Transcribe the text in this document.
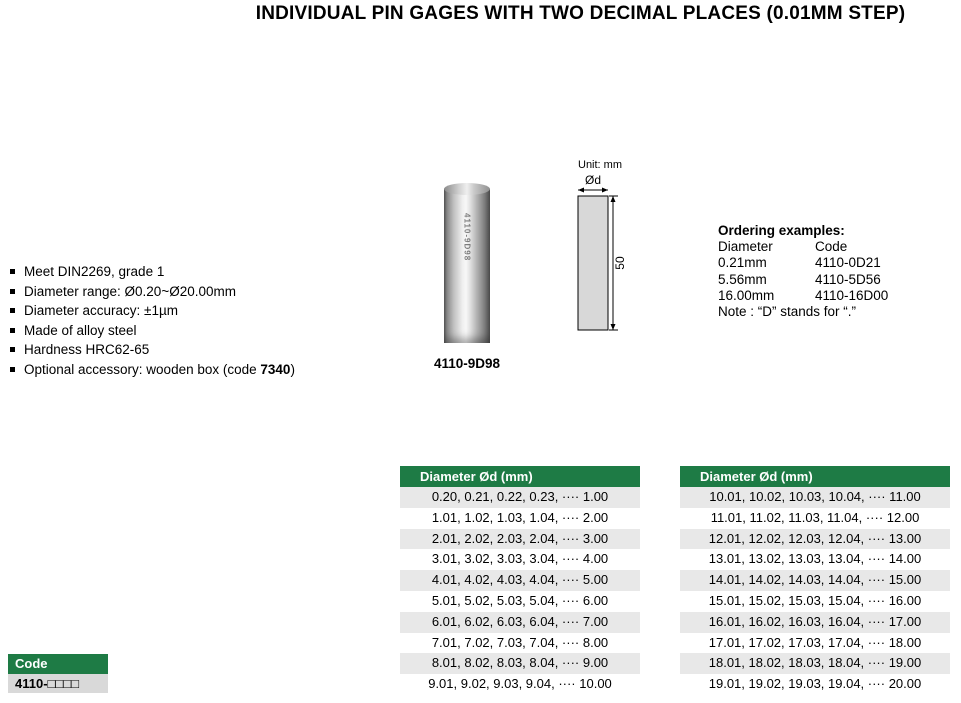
INDIVIDUAL PIN GAGES WITH TWO DECIMAL PLACES (0.01MM STEP)
Meet DIN2269, grade 1
Diameter range: Ø0.20~Ø20.00mm
Diameter accuracy: ±1µm
Made of alloy steel
Hardness HRC62-65
Optional accessory: wooden box (code 7340)
4110-9D98
4110-9D98
Unit: mm
Ød
50
Ordering examples:
Diameter	Code
0.21mm	4110-0D21
5.56mm	4110-5D56
16.00mm	4110-16D00
Note : “D” stands for “.”
Code
4110-□□□□
Diameter Ød (mm)
0.20, 0.21, 0.22, 0.23, ···· 1.00
1.01, 1.02, 1.03, 1.04, ···· 2.00
2.01, 2.02, 2.03, 2.04, ···· 3.00
3.01, 3.02, 3.03, 3.04, ···· 4.00
4.01, 4.02, 4.03, 4.04, ···· 5.00
5.01, 5.02, 5.03, 5.04, ···· 6.00
6.01, 6.02, 6.03, 6.04, ···· 7.00
7.01, 7.02, 7.03, 7.04, ···· 8.00
8.01, 8.02, 8.03, 8.04, ···· 9.00
9.01, 9.02, 9.03, 9.04, ···· 10.00
Diameter Ød (mm)
10.01, 10.02, 10.03, 10.04, ···· 11.00
11.01, 11.02, 11.03, 11.04, ···· 12.00
12.01, 12.02, 12.03, 12.04, ···· 13.00
13.01, 13.02, 13.03, 13.04, ···· 14.00
14.01, 14.02, 14.03, 14.04, ···· 15.00
15.01, 15.02, 15.03, 15.04, ···· 16.00
16.01, 16.02, 16.03, 16.04, ···· 17.00
17.01, 17.02, 17.03, 17.04, ···· 18.00
18.01, 18.02, 18.03, 18.04, ···· 19.00
19.01, 19.02, 19.03, 19.04, ···· 20.00
